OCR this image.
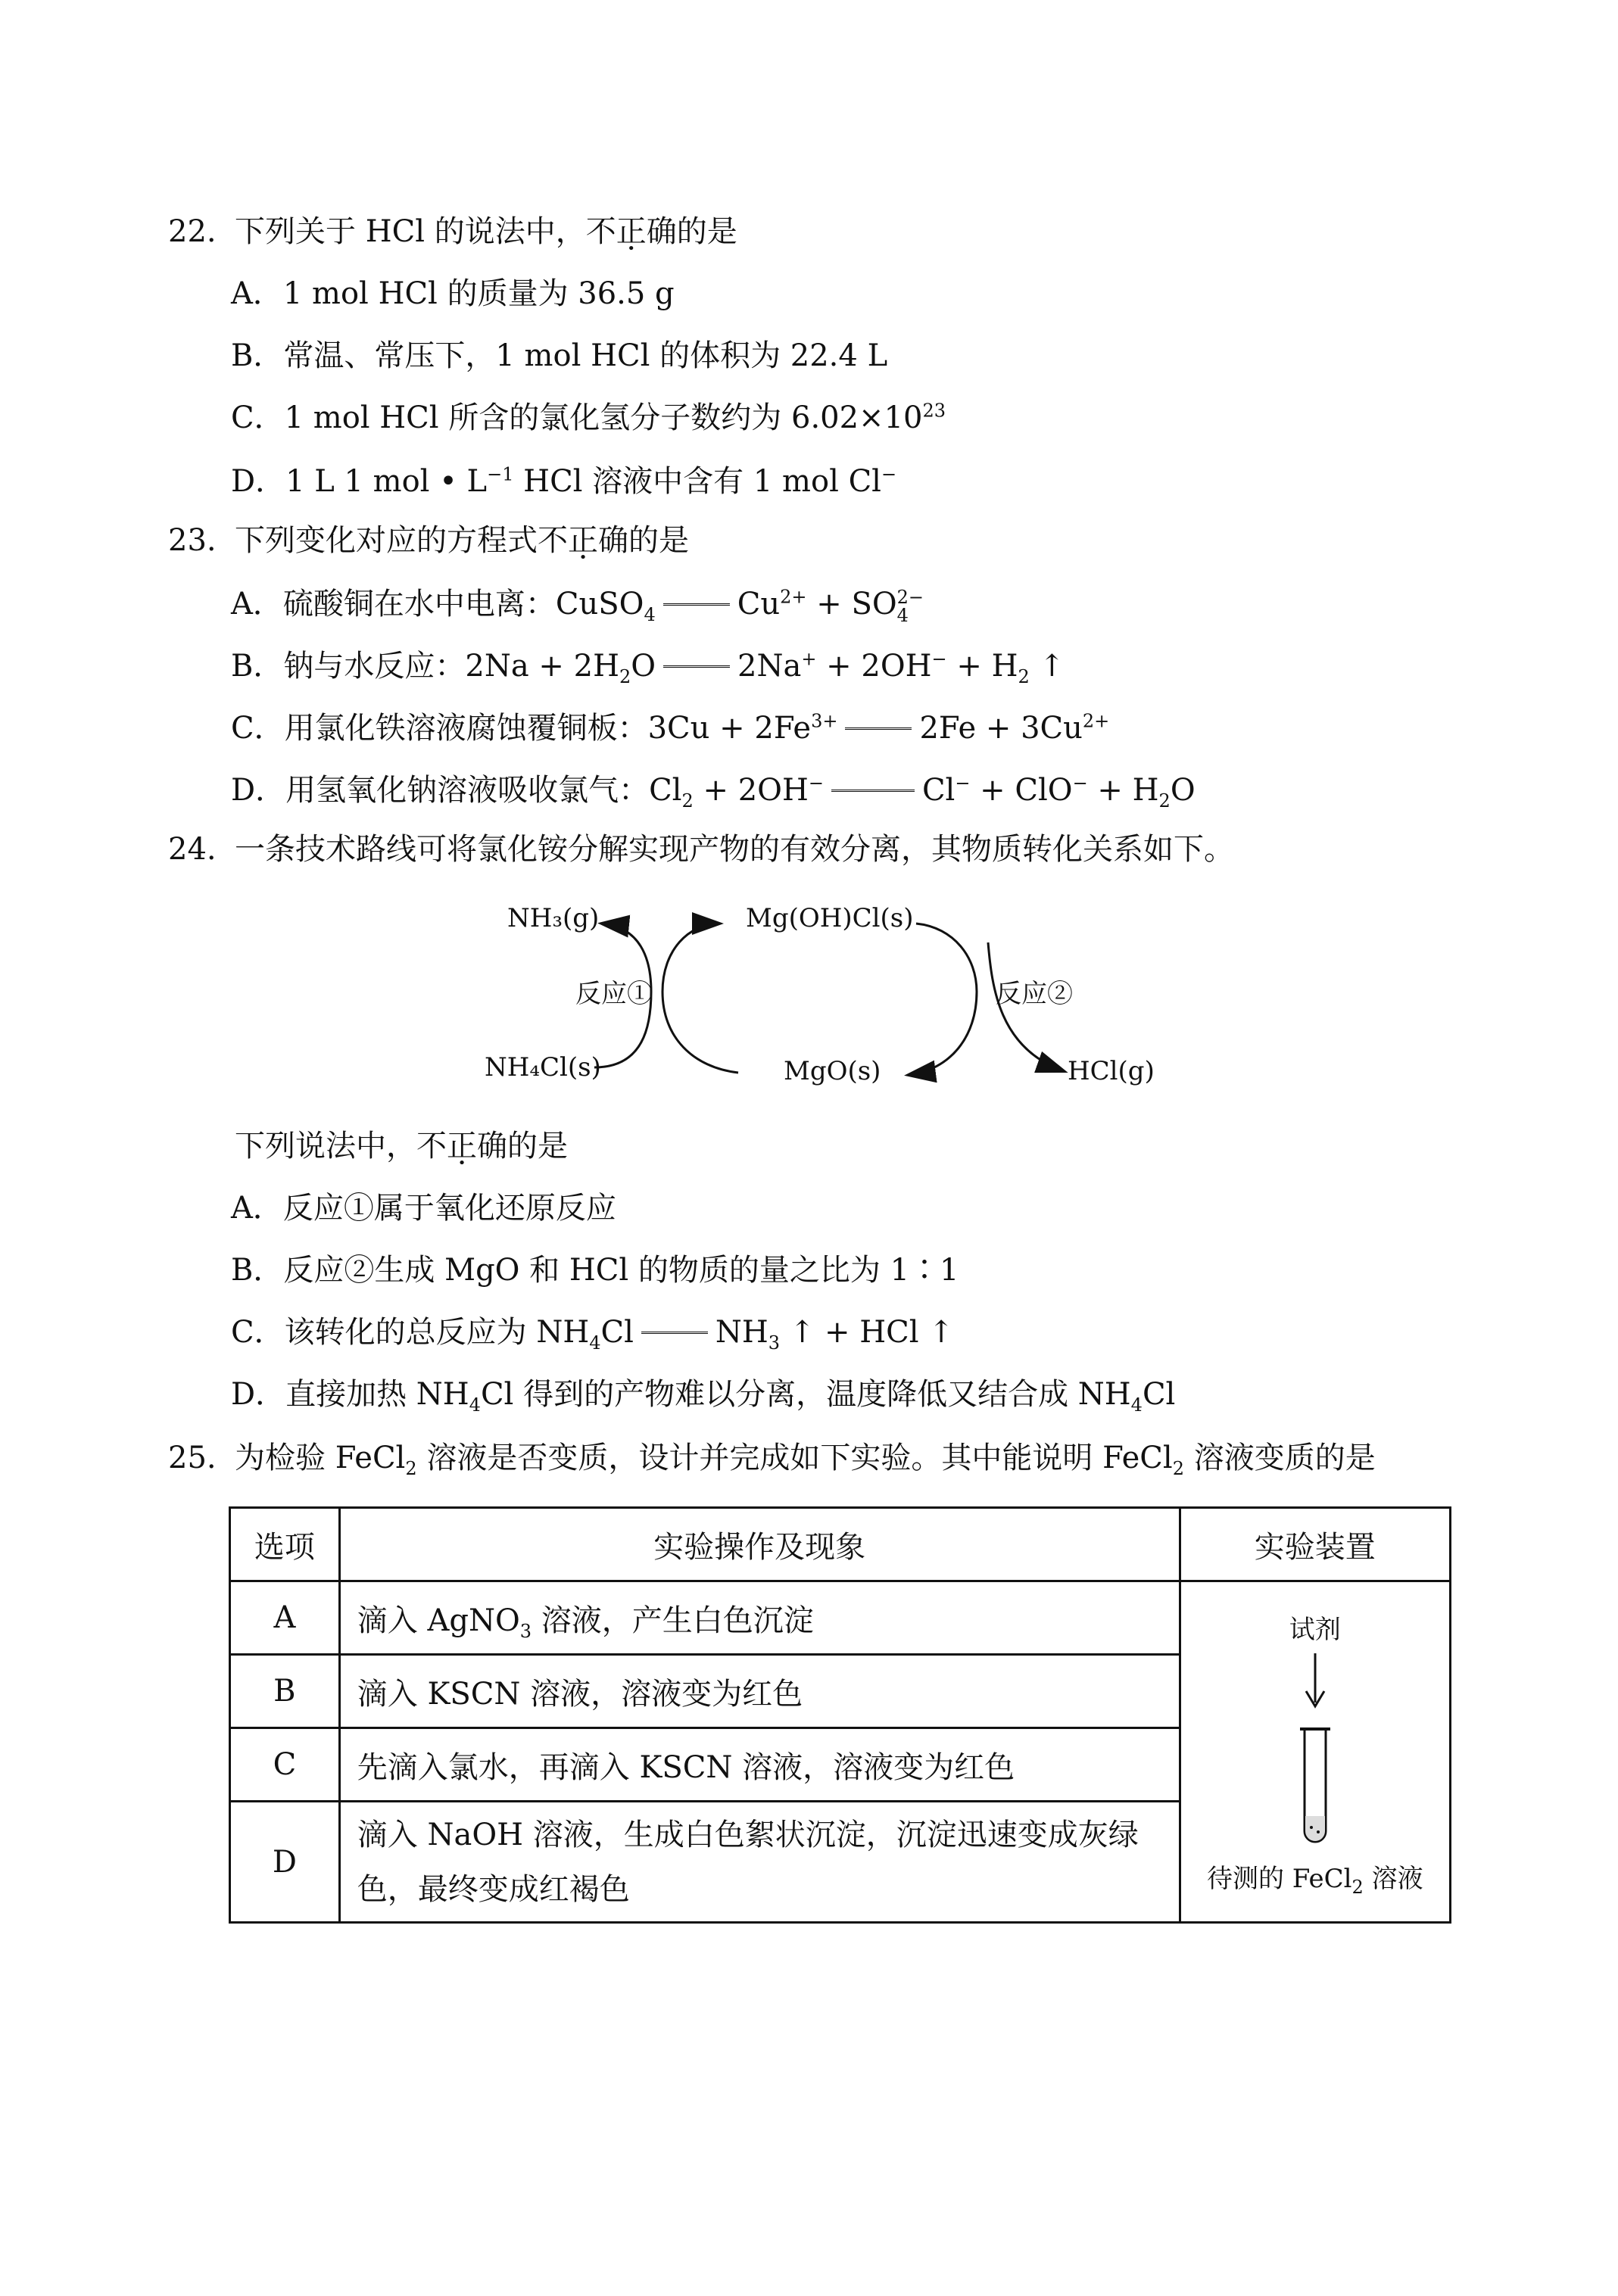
22. 下列关于 HCl 的说法中，不正确的是
A．1 mol HCl 的质量为 36.5 g
B．常温、常压下，1 mol HCl 的体积为 22.4 L
C．1 mol HCl 所含的氯化氢分子数约为 $6.02\times 10^{23}$
D．1 L 1 mol • $L^{-1}$ HCl 溶液中含有 1 mol Cl−
23. 下列变化对应的方程式不正确的是
A．硫酸铜在水中电离：CuSO$_4$	$Cu^{2+}$ + SO 2−
4
B．钠与水反应：$2Na + 2H_2O$	$2Na^+ + 2OH^- + H_2$ ↑
C．用氯化铁溶液腐蚀覆铜板：$3Cu + 2Fe^{3+}$	$2Fe + 3Cu^{2+}$
D．用氢氧化钠溶液吸收氯气：$Cl_2 + 2OH^-$	$Cl^- + ClO^- + H_2O$
24. 一条技术路线可将氯化铵分解实现产物的有效分离，其物质转化关系如下。
NH₃(g)	Mg(OH)Cl(s)
反应①	反应②
NH₄Cl(s)	MgO(s)	HCl(g)
下列说法中，不正确的是
A．反应①属于氧化还原反应
B．反应②生成 MgO 和 HCl 的物质的量之比为 1∶1
C．该转化的总反应为 $NH_4Cl$	$NH_3$ ↑ + HCl ↑
D．直接加热 $NH_4Cl$ 得到的产物难以分离，温度降低又结合成 $NH_4Cl$
25. 为检验 FeCl$_2$ 溶液是否变质，设计并完成如下实验。其中能说明 FeCl$_2$ 溶液变质的是
选项	实验操作及现象	实验装置
A	滴入 AgNO$_3$ 溶液，产生白色沉淀	试剂
待测的 FeCl$_2$ 溶液

B	滴入 KSCN 溶液，溶液变为红色	
C	先滴入氯水，再滴入 KSCN 溶液，溶液变为红色	
D	滴入 NaOH 溶液，生成白色絮状沉淀，沉淀迅速变成灰绿
色，最终变成红褐色	
